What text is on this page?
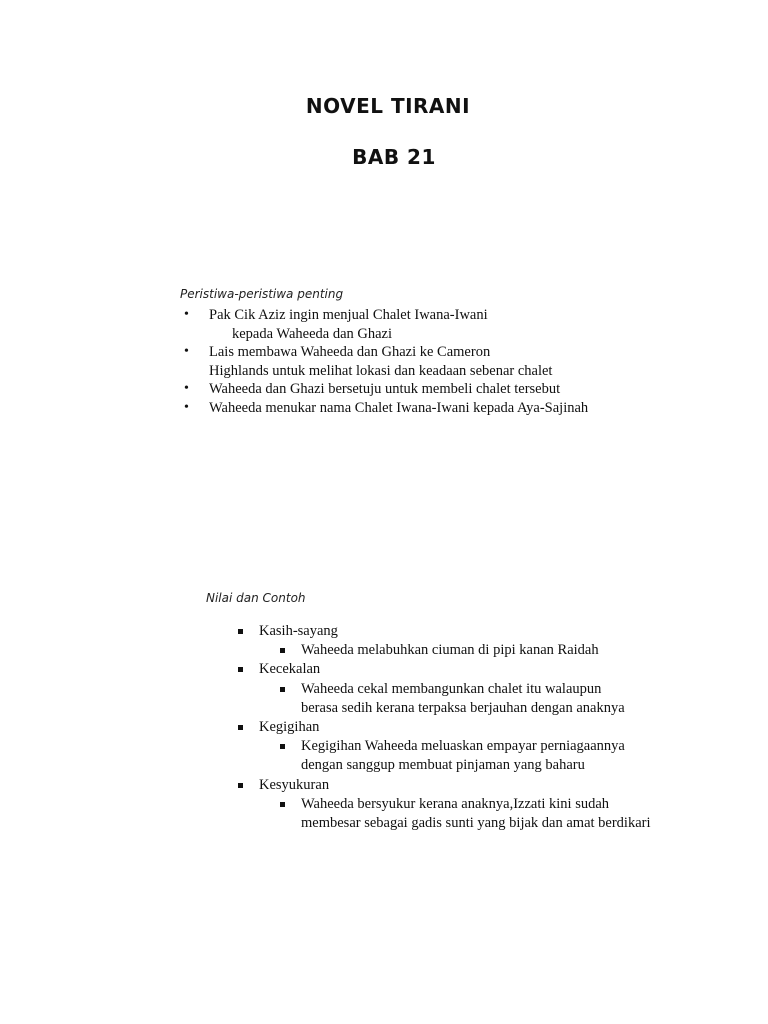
NOVEL TIRANI
BAB 21

Peristiwa-peristiwa penting

• Pak Cik Aziz ingin menjual Chalet Iwana-Iwani
kepada Waheeda dan Ghazi
• Lais membawa Waheeda dan Ghazi ke Cameron
Highlands untuk melihat lokasi dan keadaan sebenar chalet
• Waheeda dan Ghazi bersetuju untuk membeli chalet tersebut
• Waheeda menukar nama Chalet Iwana-Iwani kepada Aya-Sajinah

Nilai dan Contoh

Kasih-sayang
Waheeda melabuhkan ciuman di pipi kanan Raidah
Kecekalan
Waheeda cekal membangunkan chalet itu walaupun
berasa sedih kerana terpaksa berjauhan dengan anaknya
Kegigihan
Kegigihan Waheeda meluaskan empayar perniagaannya
dengan sanggup membuat pinjaman yang baharu
Kesyukuran
Waheeda bersyukur kerana anaknya,Izzati kini sudah
membesar sebagai gadis sunti yang bijak dan amat berdikari
